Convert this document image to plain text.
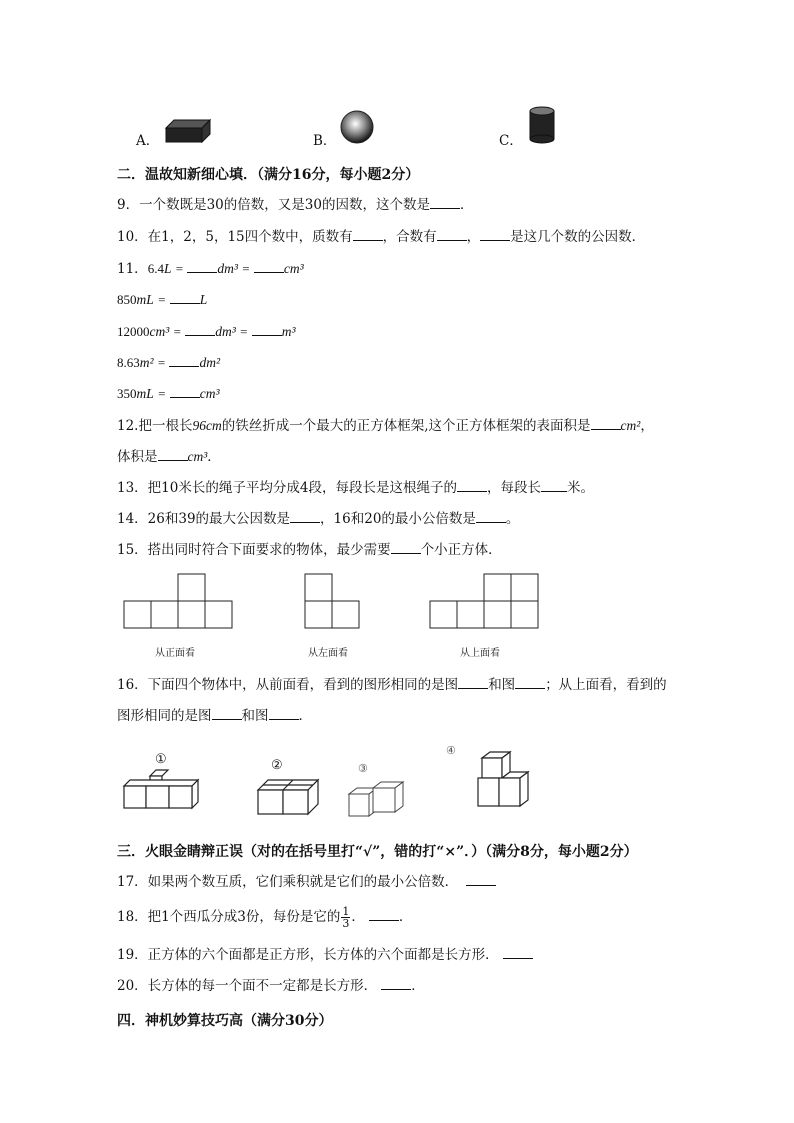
A．	B．	C．
二．温故知新细心填．（满分16分，每小题2分）
9．一个数既是30的倍数，又是30的因数，这个数是 ．
10．在1，2，5，15四个数中，质数有 ，合数有 ， 是这几个数的公因数．
11．6.4L =	dm³ =	cm³
850mL =	L
12000cm³ =	dm³ =	m³
8.63m² =	dm²
350mL =	cm³
12.把一根长96cm的铁丝折成一个最大的正方体框架,这个正方体框架的表面积是 cm²，
体积是 cm³．
13．把10米长的绳子平均分成4段，每段长是这根绳子的 ，每段长 米。
14．26和39的最大公因数是 ，16和20的最小公倍数是 。
15．搭出同时符合下面要求的物体，最少需要 个小正方体．
从正面看	从左面看	从上面看
16．下面四个物体中，从前面看，看到的图形相同的是图 和图 ；从上面看，看到的
图形相同的是图 和图 ．
①	②	③
④
三．火眼金睛辩正误（对的在括号里打“√”，错的打“×”．）（满分8分，每小题2分）
17．如果两个数互质，它们乘积就是它们的最小公倍数．
18．把1个西瓜分成3份，每份是它的 $\frac{1}{3}$ ．	．
19．正方体的六个面都是正方形，长方体的六个面都是长方形．
20．长方体的每一个面不一定都是长方形．	．
四．神机妙算技巧高（满分30分）
